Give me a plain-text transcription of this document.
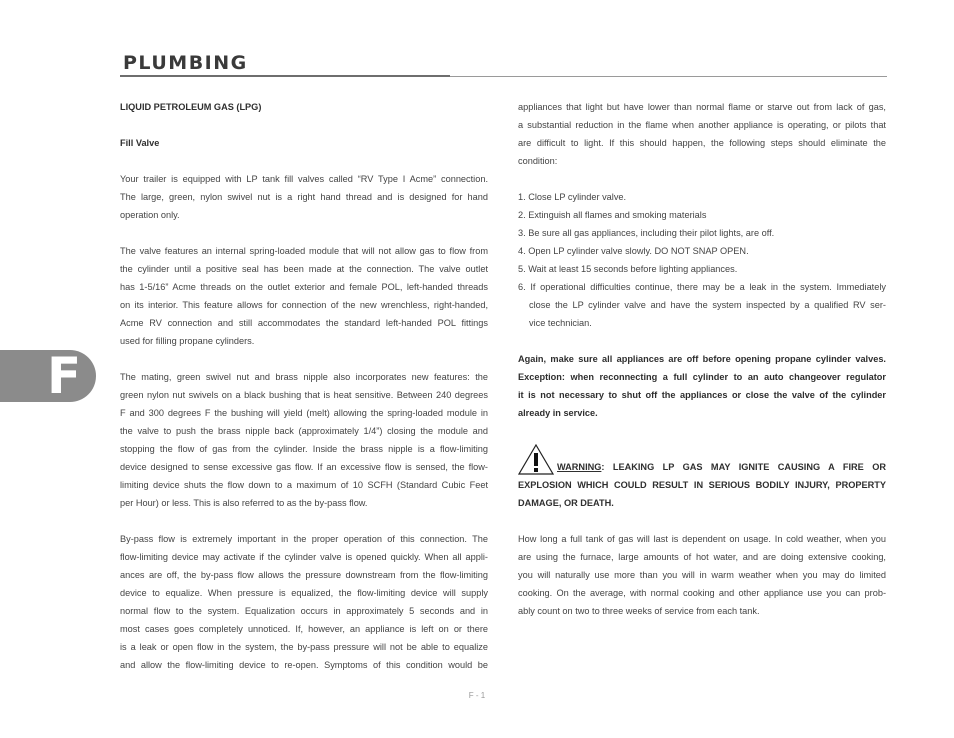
PLUMBING
F

LIQUID PETROLEUM GAS (LPG)

Fill Valve

Your trailer is equipped with LP tank fill valves called “RV Type I Acme” connection.

The large, green, nylon swivel nut is a right hand thread and is designed for hand

operation only.

The valve features an internal spring-loaded module that will not allow gas to flow from

the cylinder until a positive seal has been made at the connection. The valve outlet

has 1-5/16” Acme threads on the outlet exterior and female POL, left-handed threads

on its interior. This feature allows for connection of the new wrenchless, right-handed,

Acme RV connection and still accommodates the standard left-handed POL fittings

used for filling propane cylinders.

The mating, green swivel nut and brass nipple also incorporates new features: the

green nylon nut swivels on a black bushing that is heat sensitive. Between 240 degrees

F and 300 degrees F the bushing will yield (melt) allowing the spring-loaded module in

the valve to push the brass nipple back (approximately 1/4”) closing the module and

stopping the flow of gas from the cylinder. Inside the brass nipple is a flow-limiting

device designed to sense excessive gas flow. If an excessive flow is sensed, the flow-

limiting device shuts the flow down to a maximum of 10 SCFH (Standard Cubic Feet

per Hour) or less. This is also referred to as the by-pass flow.

By-pass flow is extremely important in the proper operation of this connection. The

flow-limiting device may activate if the cylinder valve is opened quickly. When all appli-

ances are off, the by-pass flow allows the pressure downstream from the flow-limiting

device to equalize. When pressure is equalized, the flow-limiting device will supply

normal flow to the system. Equalization occurs in approximately 5 seconds and in

most cases goes completely unnoticed. If, however, an appliance is left on or there

is a leak or open flow in the system, the by-pass pressure will not be able to equalize

and allow the flow-limiting device to re-open. Symptoms of this condition would be

appliances that light but have lower than normal flame or starve out from lack of gas,

a substantial reduction in the flame when another appliance is operating, or pilots that

are difficult to light. If this should happen, the following steps should eliminate the

condition:

1. Close LP cylinder valve.

2. Extinguish all flames and smoking materials

3. Be sure all gas appliances, including their pilot lights, are off.

4. Open LP cylinder valve slowly. DO NOT SNAP OPEN.

5. Wait at least 15 seconds before lighting appliances.

6. If operational difficulties continue, there may be a leak in the system. Immediately

close the LP cylinder valve and have the system inspected by a qualified RV ser-

vice technician.

Again, make sure all appliances are off before opening propane cylinder valves.

Exception: when reconnecting a full cylinder to an auto changeover regulator

it is not necessary to shut off the appliances or close the valve of the cylinder

already in service.

WARNING: LEAKING LP GAS MAY IGNITE CAUSING A FIRE OR

EXPLOSION WHICH COULD RESULT IN SERIOUS BODILY INJURY, PROPERTY

DAMAGE, OR DEATH.

How long a full tank of gas will last is dependent on usage. In cold weather, when you

are using the furnace, large amounts of hot water, and are doing extensive cooking,

you will naturally use more than you will in warm weather when you may do limited

cooking. On the average, with normal cooking and other appliance use you can prob-

ably count on two to three weeks of service from each tank.

F - 1
